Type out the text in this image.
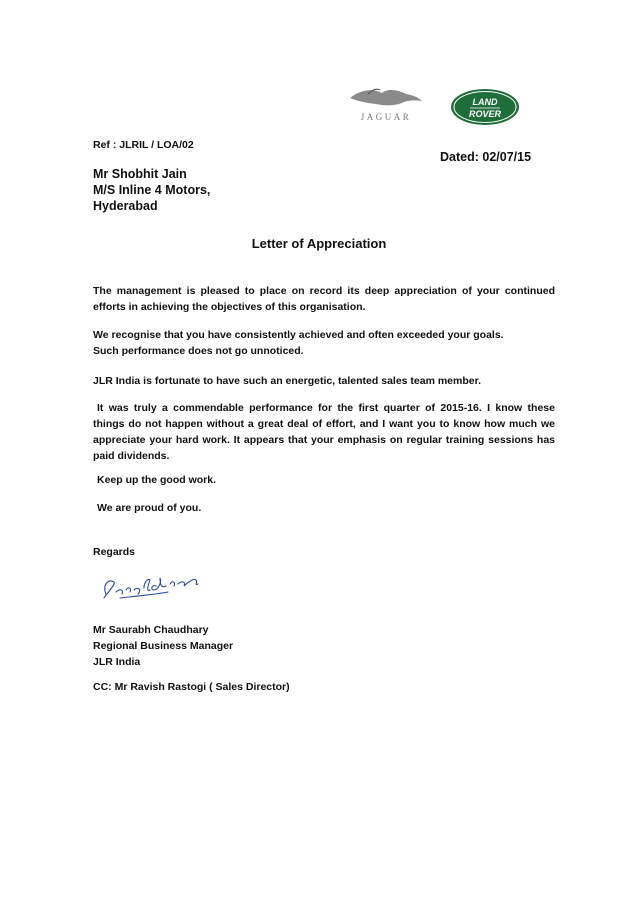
JAGUAR
LAND
ROVER
Ref : JLRIL / LOA/02
Dated: 02/07/15
Mr Shobhit Jain
M/S Inline 4 Motors,
Hyderabad
Letter of Appreciation

The management is pleased to place on record its deep appreciation of your continued efforts in achieving the objectives of this organisation.

We recognise that you have consistently achieved and often exceeded your goals.
Such performance does not go unnoticed.

JLR India is fortunate to have such an energetic, talented sales team member.

It was truly a commendable performance for the first quarter of 2015-16. I know these things do not happen without a great deal of effort, and I want you to know how much we appreciate your hard work. It appears that your emphasis on regular training sessions has paid dividends.

Keep up the good work.

We are proud of you.

Regards
Mr Saurabh Chaudhary
Regional Business Manager
JLR India
CC: Mr Ravish Rastogi ( Sales Director)
